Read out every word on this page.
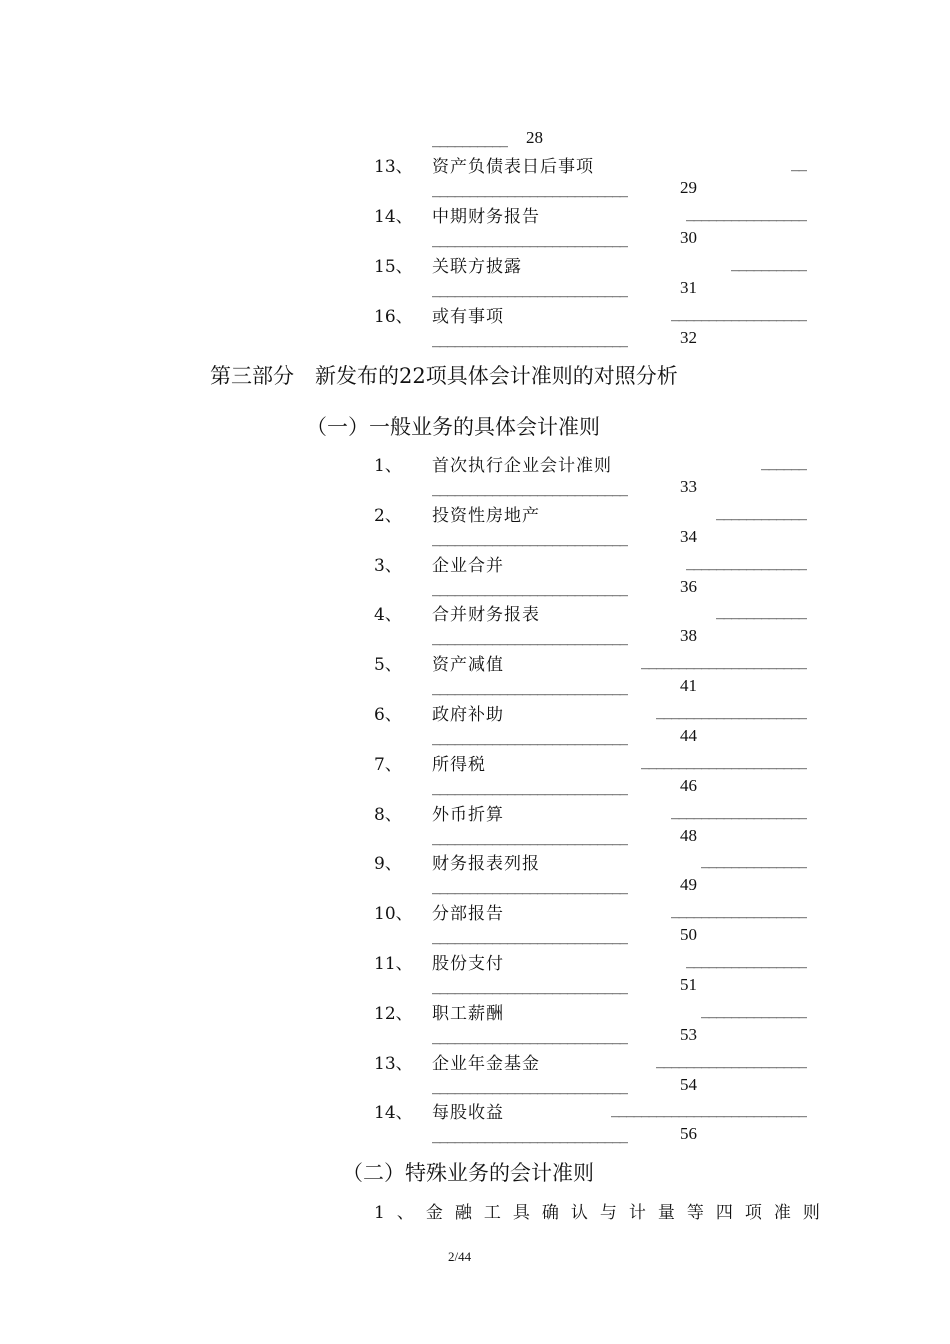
__________ 28
13、 资产负债表日后事项	__
__________________________	29
14、 中期财务报告	________________
__________________________	30
15、 关联方披露	__________
__________________________	31
16、 或有事项	__________________
__________________________	32
第三部分　新发布的22项具体会计准则的对照分析
（一）一般业务的具体会计准则
1、 首次执行企业会计准则	______
__________________________	33
2、 投资性房地产	____________
__________________________	34
3、 企业合并	________________
__________________________	36
4、 合并财务报表	____________
__________________________	38
5、 资产减值	______________________
__________________________	41
6、 政府补助	____________________
__________________________	44
7、 所得税	______________________
__________________________	46
8、 外币折算	__________________
__________________________	48
9、 财务报表列报	______________
__________________________	49
10、 分部报告	__________________
__________________________	50
11、 股份支付	________________
__________________________	51
12、 职工薪酬	______________
__________________________	53
13、 企业年金基金	____________________
__________________________	54
14、 每股收益	__________________________
__________________________	56
（二）特殊业务的会计准则
1、金融工具确认与计量等四项准则
2/44
